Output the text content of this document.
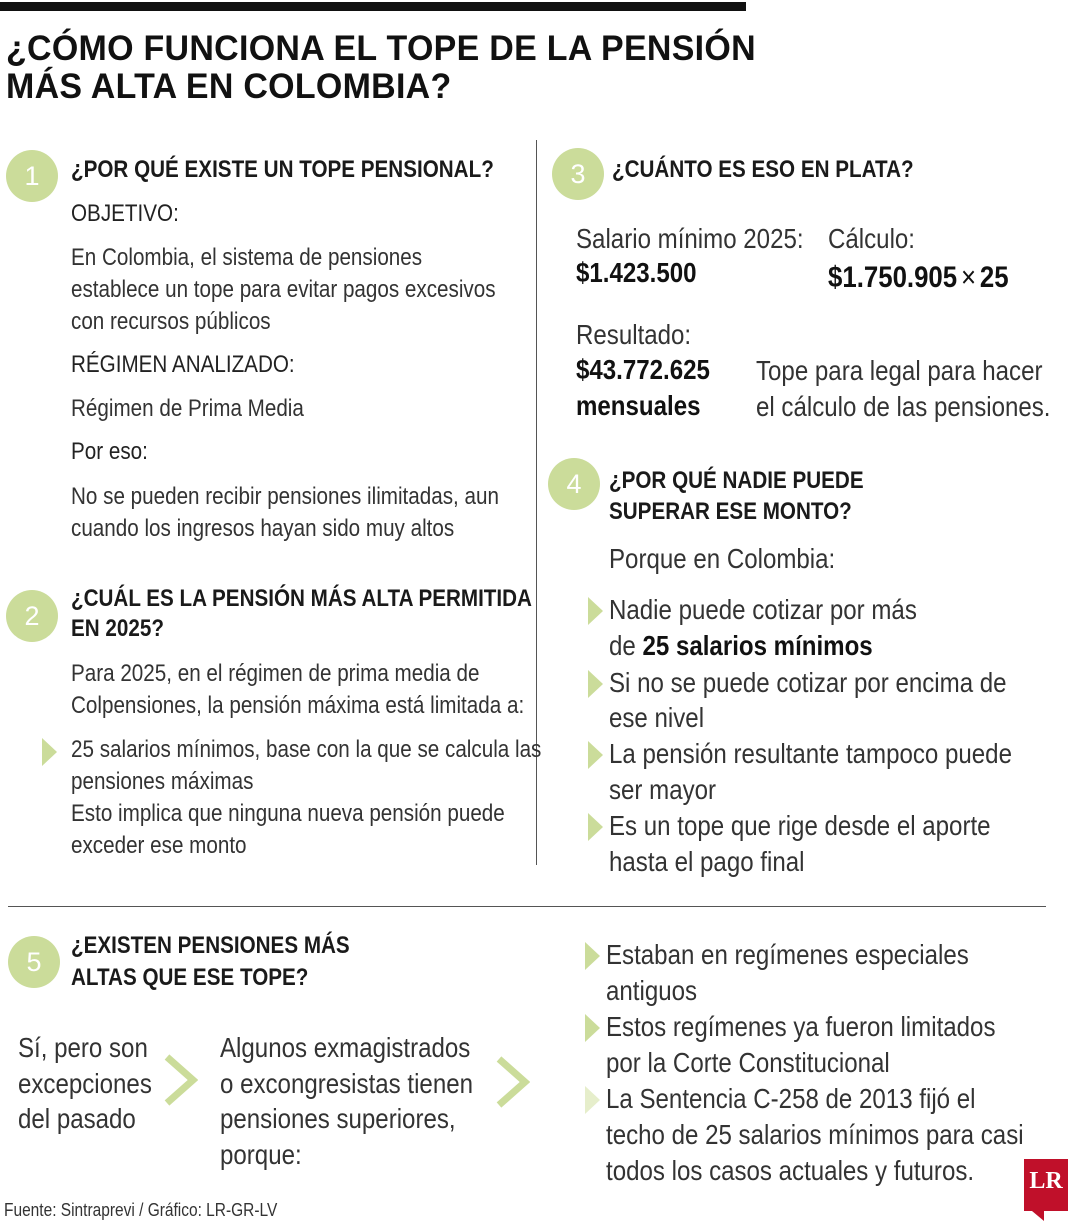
¿CÓMO FUNCIONA EL TOPE DE LA PENSIÓN
MÁS ALTA EN COLOMBIA?
1	¿POR QUÉ EXISTE UN TOPE PENSIONAL?
OBJETIVO:
En Colombia, el sistema de pensiones
establece un tope para evitar pagos excesivos
con recursos públicos
RÉGIMEN ANALIZADO:
Régimen de Prima Media
Por eso:
No se pueden recibir pensiones ilimitadas, aun
cuando los ingresos hayan sido muy altos
2
¿CUÁL ES LA PENSIÓN MÁS ALTA PERMITIDA
EN 2025?
Para 2025, en el régimen de prima media de
Colpensiones, la pensión máxima está limitada a:
25 salarios mínimos, base con la que se calcula las
pensiones máximas
Esto implica que ninguna nueva pensión puede
exceder ese monto
3	¿CUÁNTO ES ESO EN PLATA?
Salario mínimo 2025:
$1.423.500
Cálculo:
$1.750.905 × 25
Resultado:
$43.772.625
mensuales
Tope para legal para hacer
el cálculo de las pensiones.
4	¿POR QUÉ NADIE PUEDE
SUPERAR ESE MONTO?
Porque en Colombia:
Nadie puede cotizar por más
de 25 salarios mínimos
Si no se puede cotizar por encima de
ese nivel
La pensión resultante tampoco puede
ser mayor
Es un tope que rige desde el aporte
hasta el pago final
5
¿EXISTEN PENSIONES MÁS
ALTAS QUE ESE TOPE?
Sí, pero son
excepciones
del pasado
Algunos exmagistrados
o excongresistas tienen
pensiones superiores,
porque:
Estaban en regímenes especiales
antiguos
Estos regímenes ya fueron limitados
por la Corte Constitucional
La Sentencia C-258 de 2013 fijó el
techo de 25 salarios mínimos para casi
todos los casos actuales y futuros.
Fuente: Sintraprevi / Gráfico: LR-GR-LV
LR
